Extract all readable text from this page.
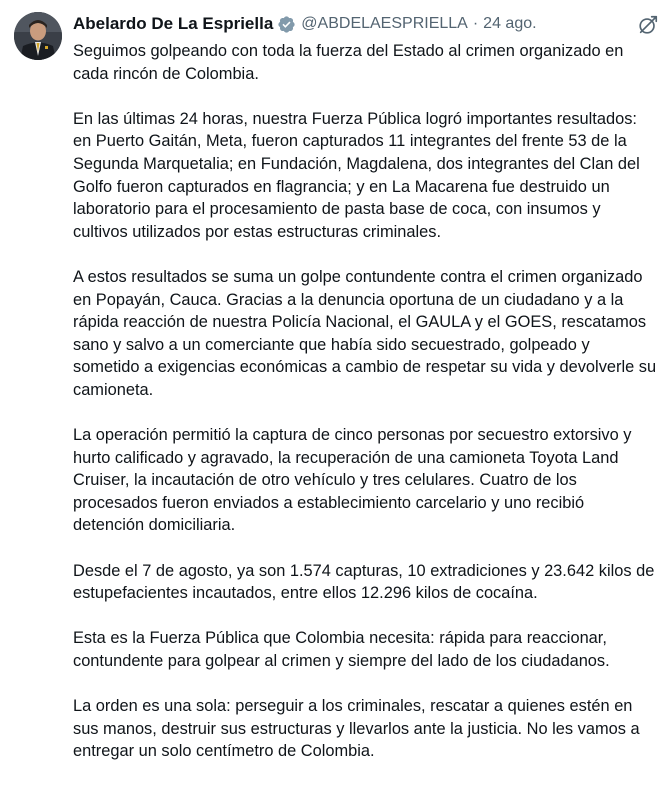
Abelardo De La Espriella @ABDELAESPRIELLA · 24 ago.

Seguimos golpeando con toda la fuerza del Estado al crimen organizado en cada rincón de Colombia.

En las últimas 24 horas, nuestra Fuerza Pública logró importantes resultados: en Puerto Gaitán, Meta, fueron capturados 11 integrantes del frente 53 de la Segunda Marquetalia; en Fundación, Magdalena, dos integrantes del Clan del Golfo fueron capturados en flagrancia; y en La Macarena fue destruido un laboratorio para el procesamiento de pasta base de coca, con insumos y cultivos utilizados por estas estructuras criminales.

A estos resultados se suma un golpe contundente contra el crimen organizado en Popayán, Cauca. Gracias a la denuncia oportuna de un ciudadano y a la rápida reacción de nuestra Policía Nacional, el GAULA y el GOES, rescatamos sano y salvo a un comerciante que había sido secuestrado, golpeado y sometido a exigencias económicas a cambio de respetar su vida y devolverle su camioneta.

La operación permitió la captura de cinco personas por secuestro extorsivo y hurto calificado y agravado, la recuperación de una camioneta Toyota Land Cruiser, la incautación de otro vehículo y tres celulares. Cuatro de los procesados fueron enviados a establecimiento carcelario y uno recibió detención domiciliaria.

Desde el 7 de agosto, ya son 1.574 capturas, 10 extradiciones y 23.642 kilos de estupefacientes incautados, entre ellos 12.296 kilos de cocaína.

Esta es la Fuerza Pública que Colombia necesita: rápida para reaccionar, contundente para golpear al crimen y siempre del lado de los ciudadanos.

La orden es una sola: perseguir a los criminales, rescatar a quienes estén en sus manos, destruir sus estructuras y llevarlos ante la justicia. No les vamos a entregar un solo centímetro de Colombia.
